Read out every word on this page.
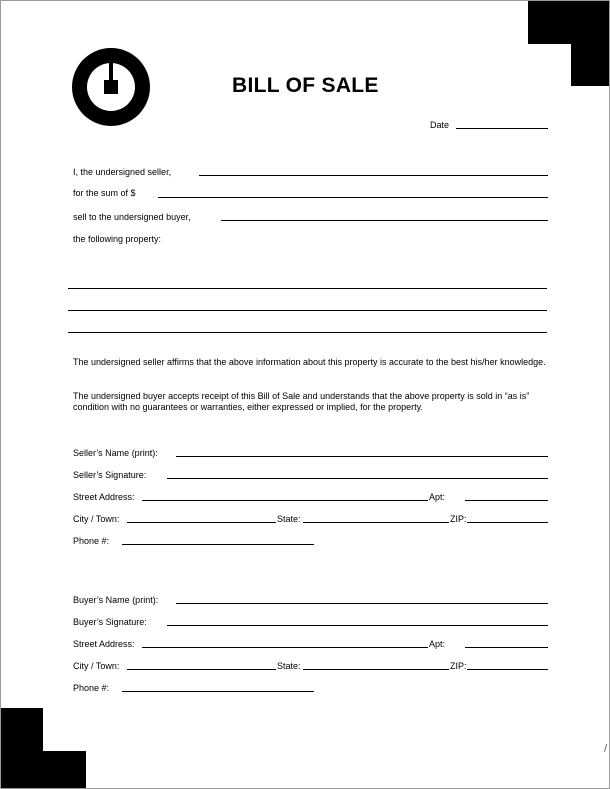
/
BILL OF SALE
Date
I, the undersigned seller,
for the sum of $
sell to the undersigned buyer,
the following property:
The undersigned seller affirms that the above information about this property is accurate to the best his/her knowledge.
The undersigned buyer accepts receipt of this Bill of Sale and understands that the above property is sold in “as is” condition with no guarantees or warranties, either expressed or implied, for the property.
Seller’s Name (print):
Seller’s Signature:
Street Address:	Apt:
City / Town:	State:	ZIP:
Phone #:
Buyer’s Name (print):
Buyer’s Signature:
Street Address:	Apt:
City / Town:	State:	ZIP:
Phone #:
